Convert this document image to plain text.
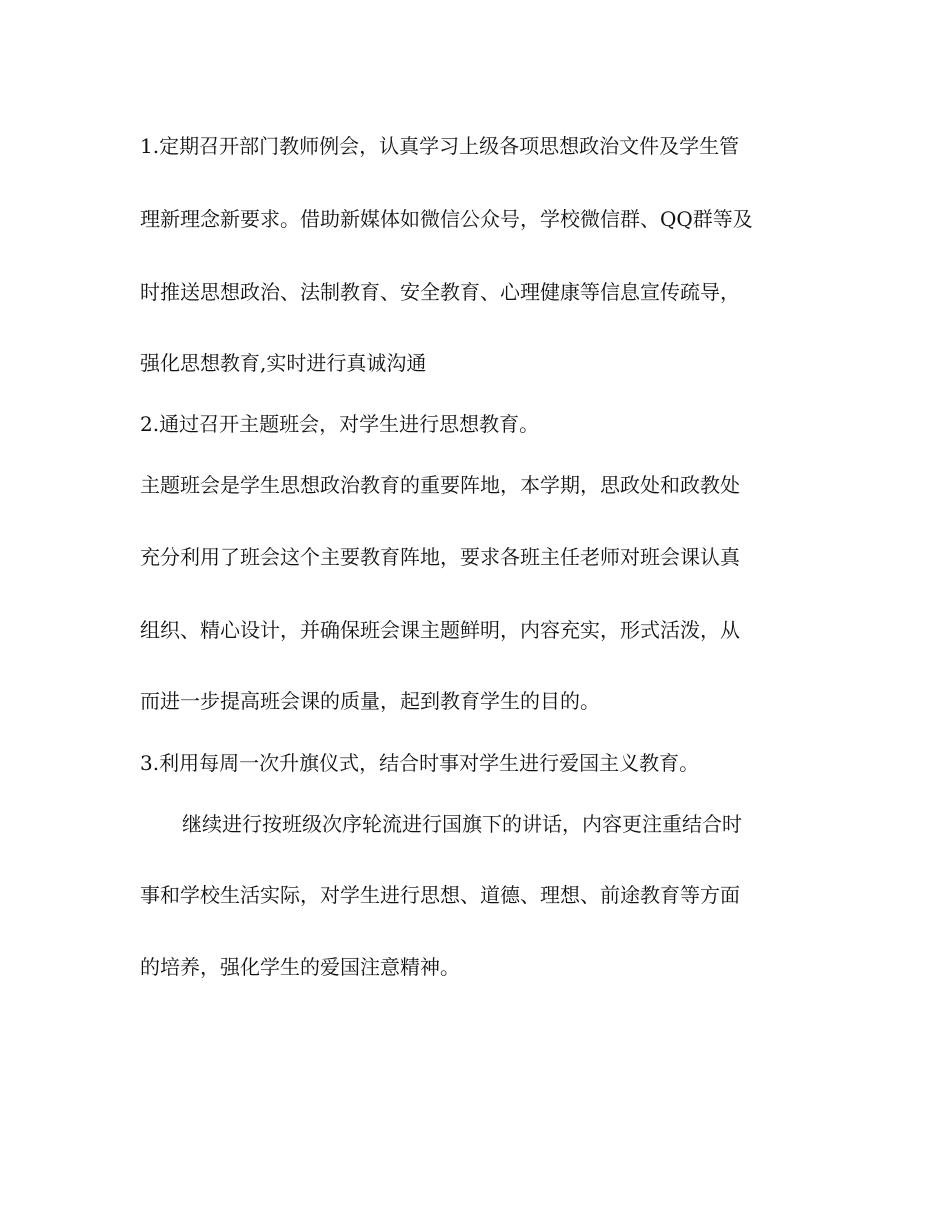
1.定期召开部门教师例会，认真学习上级各项思想政治文件及学生管

理新理念新要求。借助新媒体如微信公众号，学校微信群、QQ群等及

时推送思想政治、法制教育、安全教育、心理健康等信息宣传疏导，

强化思想教育,实时进行真诚沟通

2.通过召开主题班会，对学生进行思想教育。

主题班会是学生思想政治教育的重要阵地，本学期，思政处和政教处

充分利用了班会这个主要教育阵地，要求各班主任老师对班会课认真

组织、精心设计，并确保班会课主题鲜明，内容充实，形式活泼，从

而进一步提高班会课的质量，起到教育学生的目的。

3.利用每周一次升旗仪式，结合时事对学生进行爱国主义教育。

继续进行按班级次序轮流进行国旗下的讲话，内容更注重结合时

事和学校生活实际，对学生进行思想、道德、理想、前途教育等方面

的培养，强化学生的爱国注意精神。
